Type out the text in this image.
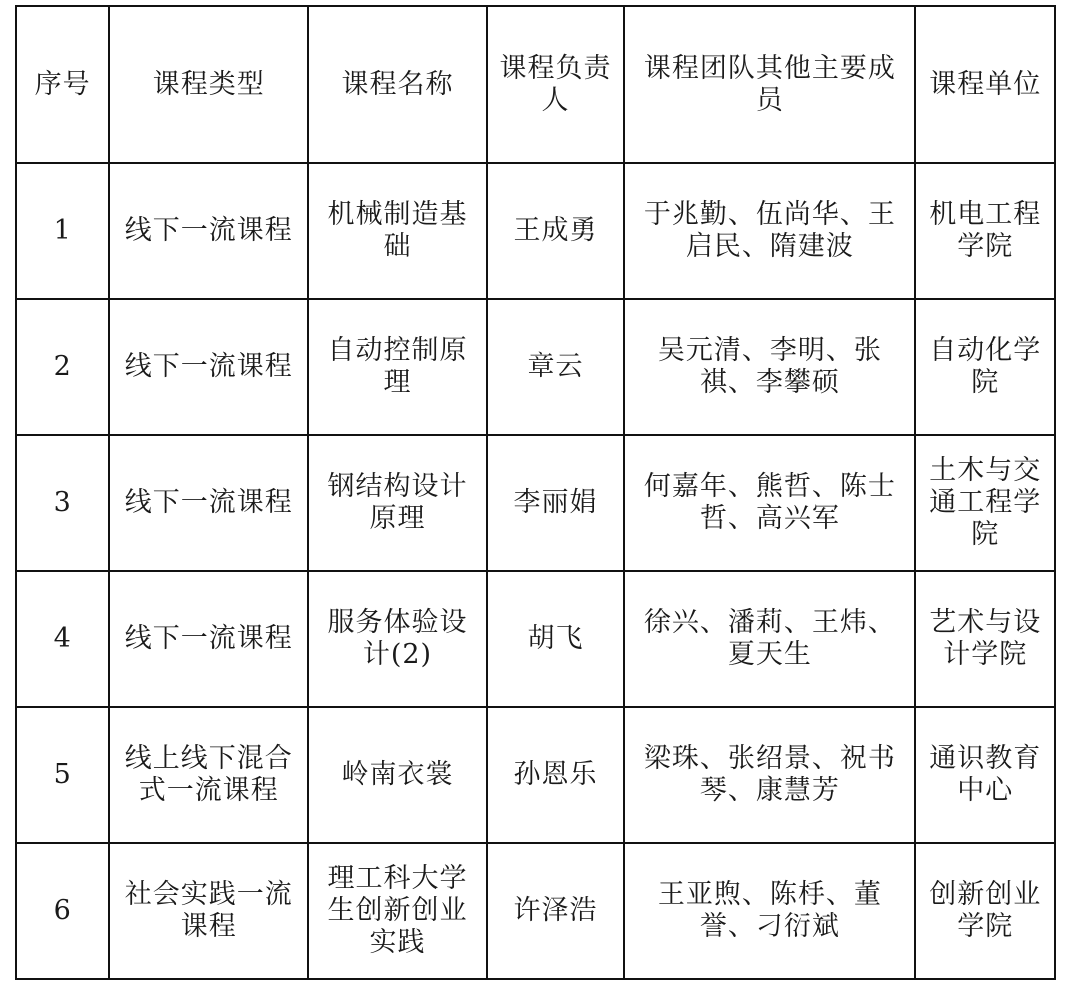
序号	课程类型	课程名称	课程负责人	课程团队其他主要成员	课程单位
1	线下一流课程	机械制造基础	王成勇	于兆勤、伍尚华、王启民、隋建波	机电工程学院
2	线下一流课程	自动控制原理	章云	吴元清、李明、张祺、李攀硕	自动化学院
3	线下一流课程	钢结构设计原理	李丽娟	何嘉年、熊哲、陈士哲、高兴军	土木与交通工程学院
4	线下一流课程	服务体验设计(2)	胡飞	徐兴、潘莉、王炜、夏天生	艺术与设计学院
5	线上线下混合式一流课程	岭南衣裳	孙恩乐	梁珠、张绍景、祝书琴、康慧芳	通识教育中心
6	社会实践一流课程	理工科大学生创新创业实践	许泽浩	王亚煦、陈杽、董誉、刁衍斌	创新创业学院
